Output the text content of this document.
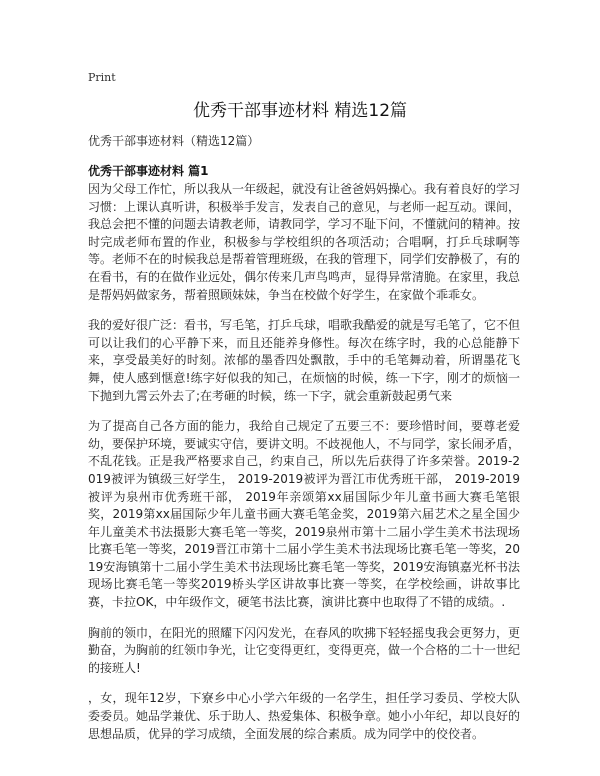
Print
优秀干部事迹材料 精选12篇
优秀干部事迹材料（精选12篇）
优秀干部事迹材料 篇1

因为父母工作忙，所以我从一年级起，就没有让爸爸妈妈操心。我有着良好的学习习惯：上课认真听讲，积极举手发言，发表自己的意见，与老师一起互动。课间，我总会把不懂的问题去请教老师，请教同学，学习不耻下问，不懂就问的精神。按时完成老师布置的作业，积极参与学校组织的各项活动；合唱啊，打乒乓球啊等等。老师不在的时候我总是帮着管理班级，在我的管理下，同学们安静极了，有的在看书，有的在做作业远处，偶尔传来几声鸟鸣声，显得异常清脆。在家里，我总是帮妈妈做家务，帮着照顾妹妹，争当在校做个好学生，在家做个乖乖女。

我的爱好很广泛：看书，写毛笔，打乒乓球，唱歌我酷爱的就是写毛笔了，它不但可以让我们的心平静下来，而且还能养身修性。每次在练字时，我的心总能静下来，享受最美好的时刻。浓郁的墨香四处飘散，手中的毛笔舞动着，所谓墨花飞舞，使人感到惬意!练字好似我的知己，在烦恼的时候，练一下字，刚才的烦恼一下抛到九霄云外去了;在考砸的时候，练一下字，就会重新鼓起勇气来

为了提高自己各方面的能力，我给自己规定了五要三不：要珍惜时间，要尊老爱幼，要保护环境，要诚实守信，要讲文明。不歧视他人，不与同学，家长闹矛盾，不乱花钱。正是我严格要求自己，约束自己，所以先后获得了许多荣誉。2019-2019被评为镇级三好学生， 2019-2019被评为晋江市优秀班干部， 2019-2019被评为泉州市优秀班干部， 2019年亲颂第xx届国际少年儿童书画大赛毛笔银奖，2019第xx届国际少年儿童书画大赛毛笔金奖，2019第六届艺术之星全国少年儿童美术书法摄影大赛毛笔一等奖，2019泉州市第十二届小学生美术书法现场比赛毛笔一等奖，2019晋江市第十二届小学生美术书法现场比赛毛笔一等奖，2019安海镇第十二届小学生美术书法现场比赛毛笔一等奖，2019安海镇嘉光杯书法现场比赛毛笔一等奖2019桥头学区讲故事比赛一等奖，在学校绘画，讲故事比赛，卡拉OK，中年级作文，硬笔书法比赛，演讲比赛中也取得了不错的成绩。.

胸前的领巾，在阳光的照耀下闪闪发光，在春风的吹拂下轻轻摇曳我会更努力，更勤奋，为胸前的红领巾争光，让它变得更红，变得更亮，做一个合格的二十一世纪的接班人!

，女，现年12岁，下寮乡中心小学六年级的一名学生，担任学习委员、学校大队委委员。她品学兼优、乐于助人、热爱集体、积极争章。她小小年纪，却以良好的思想品质，优异的学习成绩，全面发展的综合素质。成为同学中的佼佼者。
